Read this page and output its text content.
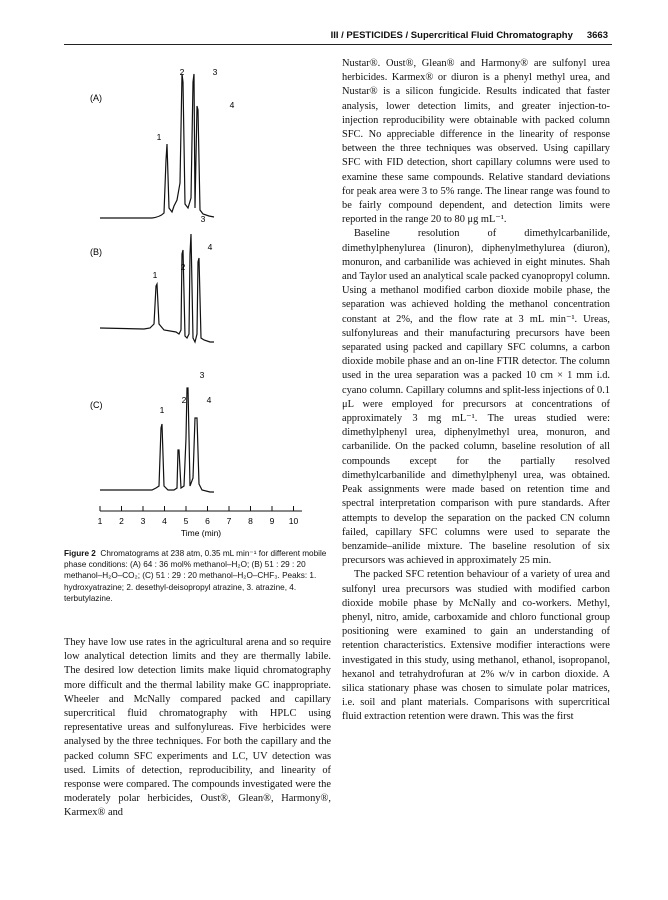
III / PESTICIDES / Supercritical Fluid Chromatography 3663
(A)
1
2	3
4
(B)
1
2
3
4
(C)	1
2
3
4
Time (min)
1 2 3 4 5 6 7 8 9 10
Figure 2 Chromatograms at 238 atm, 0.35 mL min⁻¹ for different mobile phase conditions: (A) 64 : 36 mol% methanol–H₂O; (B) 51 : 29 : 20 methanol–H₂O–CO₂; (C) 51 : 29 : 20 methanol–H₂O–CHF₃. Peaks: 1. hydroxyatrazine; 2. desethyl-deisopropyl atrazine, 3. atrazine, 4. terbutylazine.

They have low use rates in the agricultural arena and so require low analytical detection limits and they are thermally labile. The desired low detection limits make liquid chromatography more difficult and the thermal lability make GC inappropriate. Wheeler and McNally compared packed and capillary supercritical fluid chromatography with HPLC using representative ureas and sulfonylureas. Five herbicides were analysed by the three techniques. For both the capillary and the packed column SFC experiments and LC, UV detection was used. Limits of detection, reproducibility, and linearity of response were compared. The compounds investigated were the moderately polar herbicides, Oust®, Glean®, Harmony®, Karmex® and

Nustar®. Oust®, Glean® and Harmony® are sulfonyl urea herbicides. Karmex® or diuron is a phenyl methyl urea, and Nustar® is a silicon fungicide. Results indicated that faster analysis, lower detection limits, and greater injection-to-injection reproducibility were obtainable with packed column SFC. No appreciable difference in the linearity of response between the three techniques was observed. Using capillary SFC with FID detection, short capillary columns were used to examine these same compounds. Relative standard deviations for peak area were 3 to 5% range. The linear range was found to be fairly compound dependent, and detection limits were reported in the range 20 to 80 μg mL⁻¹.

Baseline resolution of dimethylcarbanilide, dimethylphenylurea (linuron), diphenylmethylurea (diuron), monuron, and carbanilide was achieved in eight minutes. Shah and Taylor used an analytical scale packed cyanopropyl column. Using a methanol modified carbon dioxide mobile phase, the separation was achieved holding the methanol concentration constant at 2%, and the flow rate at 3 mL min⁻¹. Ureas, sulfonylureas and their manufacturing precursors have been separated using packed and capillary SFC columns, a carbon dioxide mobile phase and an on-line FTIR detector. The column used in the urea separation was a packed 10 cm × 1 mm i.d. cyano column. Capillary columns and split-less injections of 0.1 μL were employed for precursors at concentrations of approximately 3 mg mL⁻¹. The ureas studied were: dimethylphenyl urea, diphenylmethyl urea, monuron, and carbanilide. On the packed column, baseline resolution of all compounds except for the partially resolved dimethylcarbanilide and dimethylphenyl urea, was obtained. Peak assignments were made based on retention time and spectral interpretation comparison with pure standards. After attempts to develop the separation on the packed CN column failed, capillary SFC columns were used to separate the benzamide–anilide mixture. The baseline resolution of six precursors was achieved in approximately 25 min.

The packed SFC retention behaviour of a variety of urea and sulfonyl urea precursors was studied with modified carbon dioxide mobile phase by McNally and co-workers. Methyl, phenyl, nitro, amide, carboxamide and chloro functional group positioning were examined to gain an understanding of retention characteristics. Extensive modifier interactions were investigated in this study, using methanol, ethanol, isopropanol, hexanol and tetrahydrofuran at 2% w/v in carbon dioxide. A silica stationary phase was chosen to simulate polar matrices, i.e. soil and plant materials. Comparisons with supercritical fluid extraction retention were drawn. This was the first
